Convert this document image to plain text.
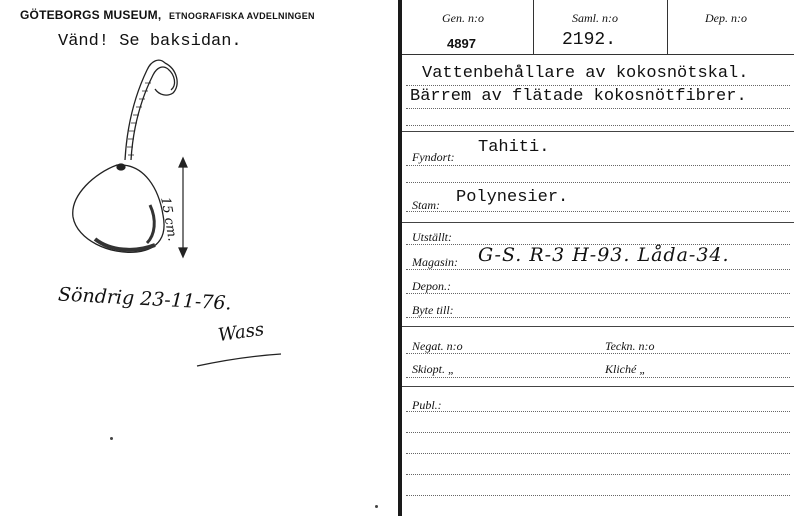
GÖTEBORGS MUSEUM, ETNOGRAFISKA AVDELNINGEN
Vänd! Se baksidan.
15 cm.
Söndrig 23-11-76.
Wass
Gen. n:o
4897
Saml. n:o
2192.
Dep. n:o
Vattenbehållare av kokosnötskal.
Bärrem av flätade kokosnötfibrer.
Fyndort: Tahiti.
Stam: Polynesier.
Utställt:
Magasin: G-S. R-3 H-93. Låda-34.
Depon.:
Byte till:
Negat. n:o	Teckn. n:o
Skiopt. „	Kliché „
Publ.:
